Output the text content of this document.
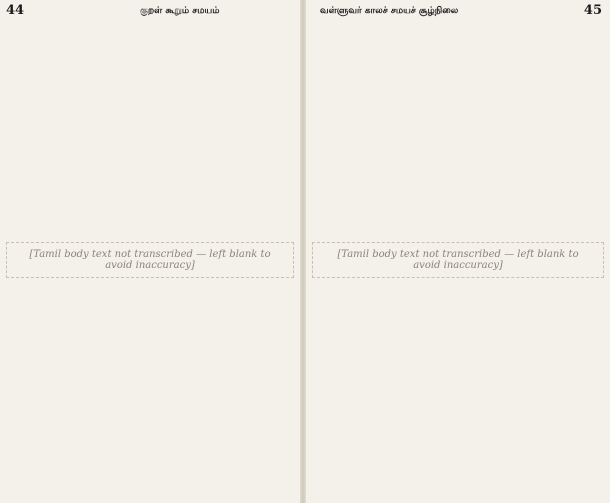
44	குறள் கூறும் சமயம்
[Tamil body text not transcribed — left blank to avoid inaccuracy]
வள்ளுவர் காலச் சமயச் சூழ்நிலை	45
[Tamil body text not transcribed — left blank to avoid inaccuracy]
